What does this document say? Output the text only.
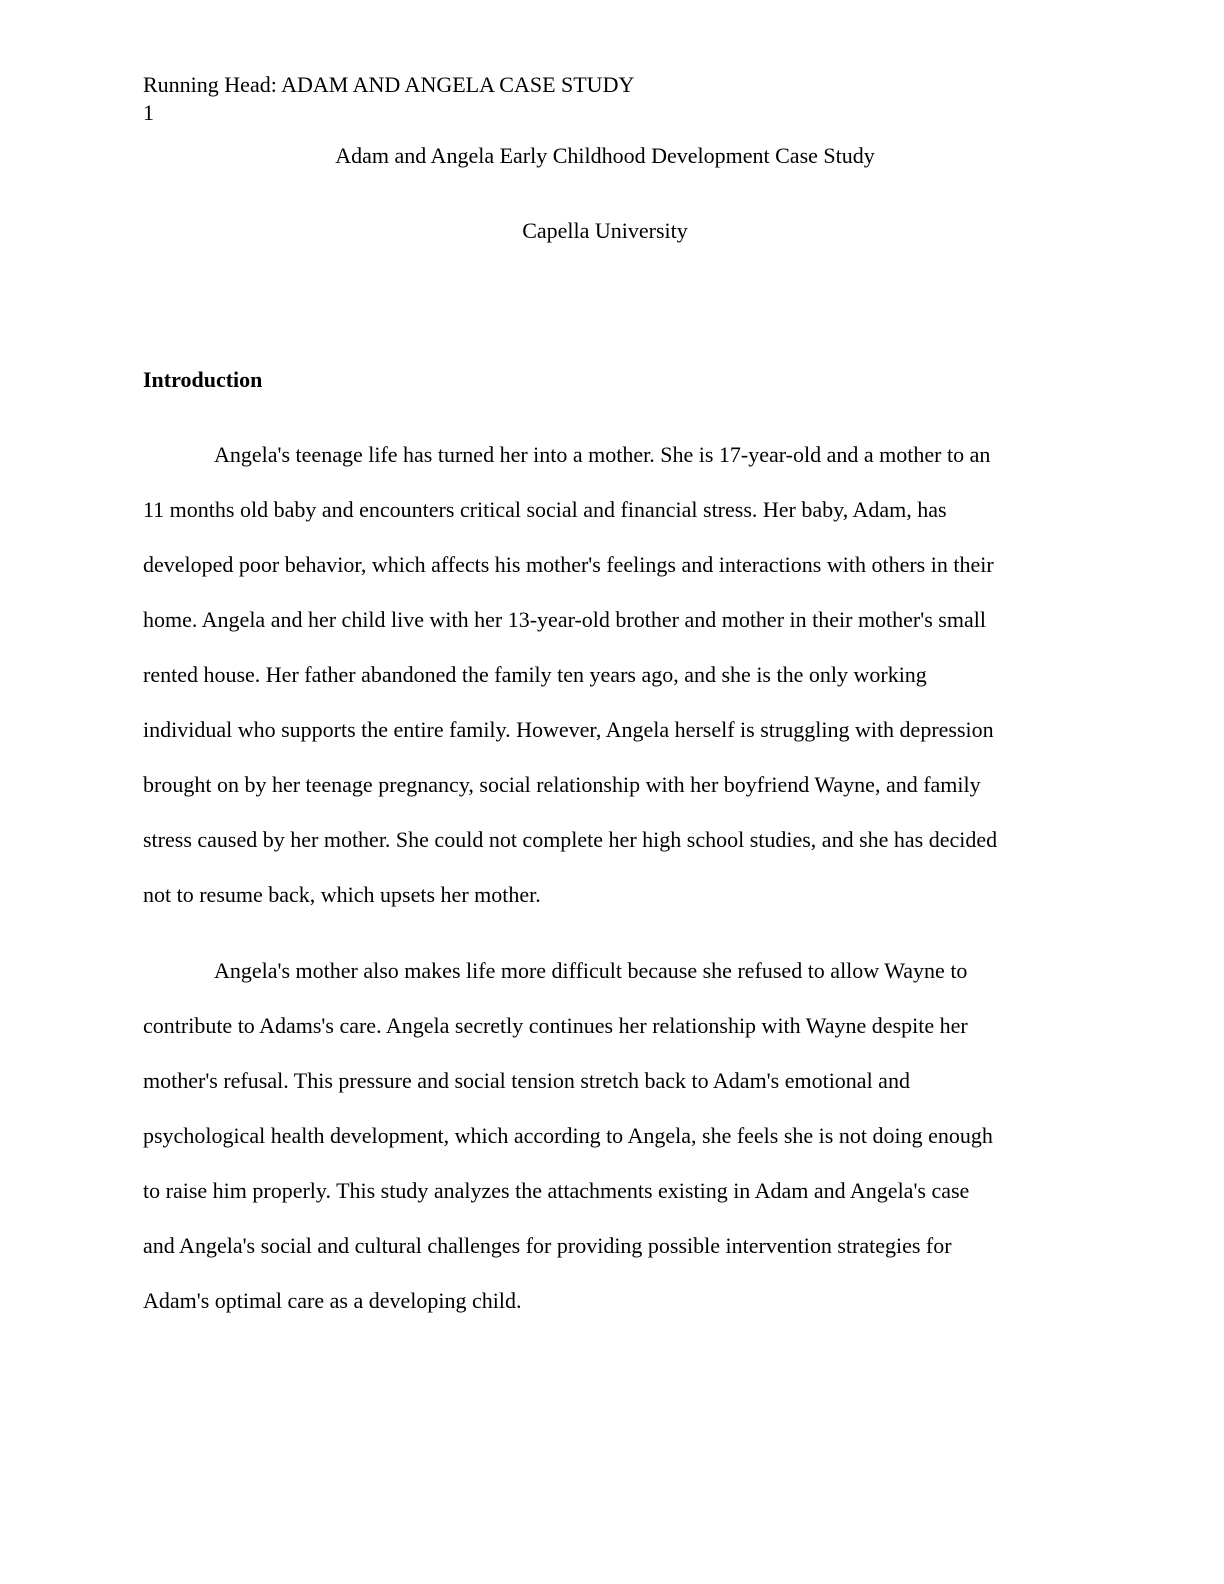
Running Head: ADAM AND ANGELA CASE STUDY
1
Adam and Angela Early Childhood Development Case Study
Capella University
Introduction

Angela's teenage life has turned her into a mother. She is 17-year-old and a mother to an
11 months old baby and encounters critical social and financial stress. Her baby, Adam, has
developed poor behavior, which affects his mother's feelings and interactions with others in their
home. Angela and her child live with her 13-year-old brother and mother in their mother's small
rented house. Her father abandoned the family ten years ago, and she is the only working
individual who supports the entire family. However, Angela herself is struggling with depression
brought on by her teenage pregnancy, social relationship with her boyfriend Wayne, and family
stress caused by her mother. She could not complete her high school studies, and she has decided
not to resume back, which upsets her mother.

Angela's mother also makes life more difficult because she refused to allow Wayne to
contribute to Adams's care. Angela secretly continues her relationship with Wayne despite her
mother's refusal. This pressure and social tension stretch back to Adam's emotional and
psychological health development, which according to Angela, she feels she is not doing enough
to raise him properly. This study analyzes the attachments existing in Adam and Angela's case
and Angela's social and cultural challenges for providing possible intervention strategies for
Adam's optimal care as a developing child.
